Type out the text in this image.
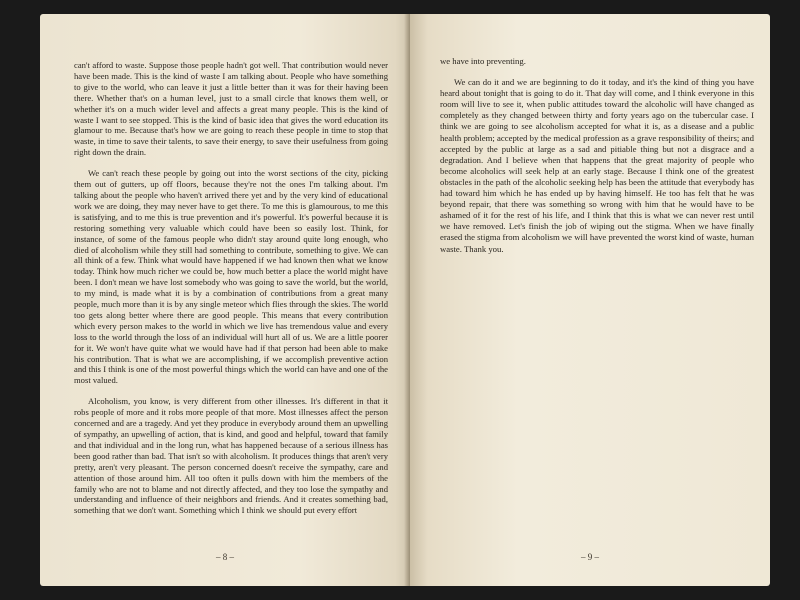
can't afford to waste. Suppose those people hadn't got well. That contribution would never have been made. This is the kind of waste I am talking about. People who have something to give to the world, who can leave it just a little better than it was for their having been there. Whether that's on a human level, just to a small circle that knows them well, or whether it's on a much wider level and affects a great many people. This is the kind of waste I want to see stopped. This is the kind of basic idea that gives the word education its glamour to me. Because that's how we are going to reach these people in time to stop that waste, in time to save their talents, to save their energy, to save their usefulness from going right down the drain.

We can't reach these people by going out into the worst sections of the city, picking them out of gutters, up off floors, because they're not the ones I'm talking about. I'm talking about the people who haven't arrived there yet and by the very kind of educational work we are doing, they may never have to get there. To me this is glamourous, to me this is satisfying, and to me this is true prevention and it's powerful. It's powerful because it is restoring something very valuable which could have been so easily lost. Think, for instance, of some of the famous people who didn't stay around quite long enough, who died of alcoholism while they still had something to contribute, something to give. We can all think of a few. Think what would have happened if we had known then what we know today. Think how much richer we could be, how much better a place the world might have been. I don't mean we have lost somebody who was going to save the world, but the world, to my mind, is made what it is by a combination of contributions from a great many people, much more than it is by any single meteor which flies through the skies. The world too gets along better where there are good people. This means that every contribution which every person makes to the world in which we live has tremendous value and every loss to the world through the loss of an individual will hurt all of us. We are a little poorer for it. We won't have quite what we would have had if that person had been able to make his contribution. That is what we are accomplishing, if we accomplish preventive action and this I think is one of the most powerful things which the world can have and one of the most valued.

Alcoholism, you know, is very different from other illnesses. It's different in that it robs people of more and it robs more people of that more. Most illnesses affect the person concerned and are a tragedy. And yet they produce in everybody around them an upwelling of sympathy, an upwelling of action, that is kind, and good and helpful, toward that family and that individual and in the long run, what has happened because of a serious illness has been good rather than bad. That isn't so with alcoholism. It produces things that aren't very pretty, aren't very pleasant. The person concerned doesn't receive the sympathy, care and attention of those around him. All too often it pulls down with him the members of the family who are not to blame and not directly affected, and they too lose the sympathy and understanding and influence of their neighbors and friends. And it creates something bad, something that we don't want. Something which I think we should put every effort

– 8 –

we have into preventing.

We can do it and we are beginning to do it today, and it's the kind of thing you have heard about tonight that is going to do it. That day will come, and I think everyone in this room will live to see it, when public attitudes toward the alcoholic will have changed as completely as they changed between thirty and forty years ago on the tubercular case. I think we are going to see alcoholism accepted for what it is, as a disease and a public health problem; accepted by the medical profession as a grave responsibility of theirs; and accepted by the public at large as a sad and pitiable thing but not a disgrace and a degradation. And I believe when that happens that the great majority of people who become alcoholics will seek help at an early stage. Because I think one of the greatest obstacles in the path of the alcoholic seeking help has been the attitude that everybody has had toward him which he has ended up by having himself. He too has felt that he was beyond repair, that there was something so wrong with him that he would have to be ashamed of it for the rest of his life, and I think that this is what we can never rest until we have removed. Let's finish the job of wiping out the stigma. When we have finally erased the stigma from alcoholism we will have prevented the worst kind of waste, human waste. Thank you.

– 9 –
